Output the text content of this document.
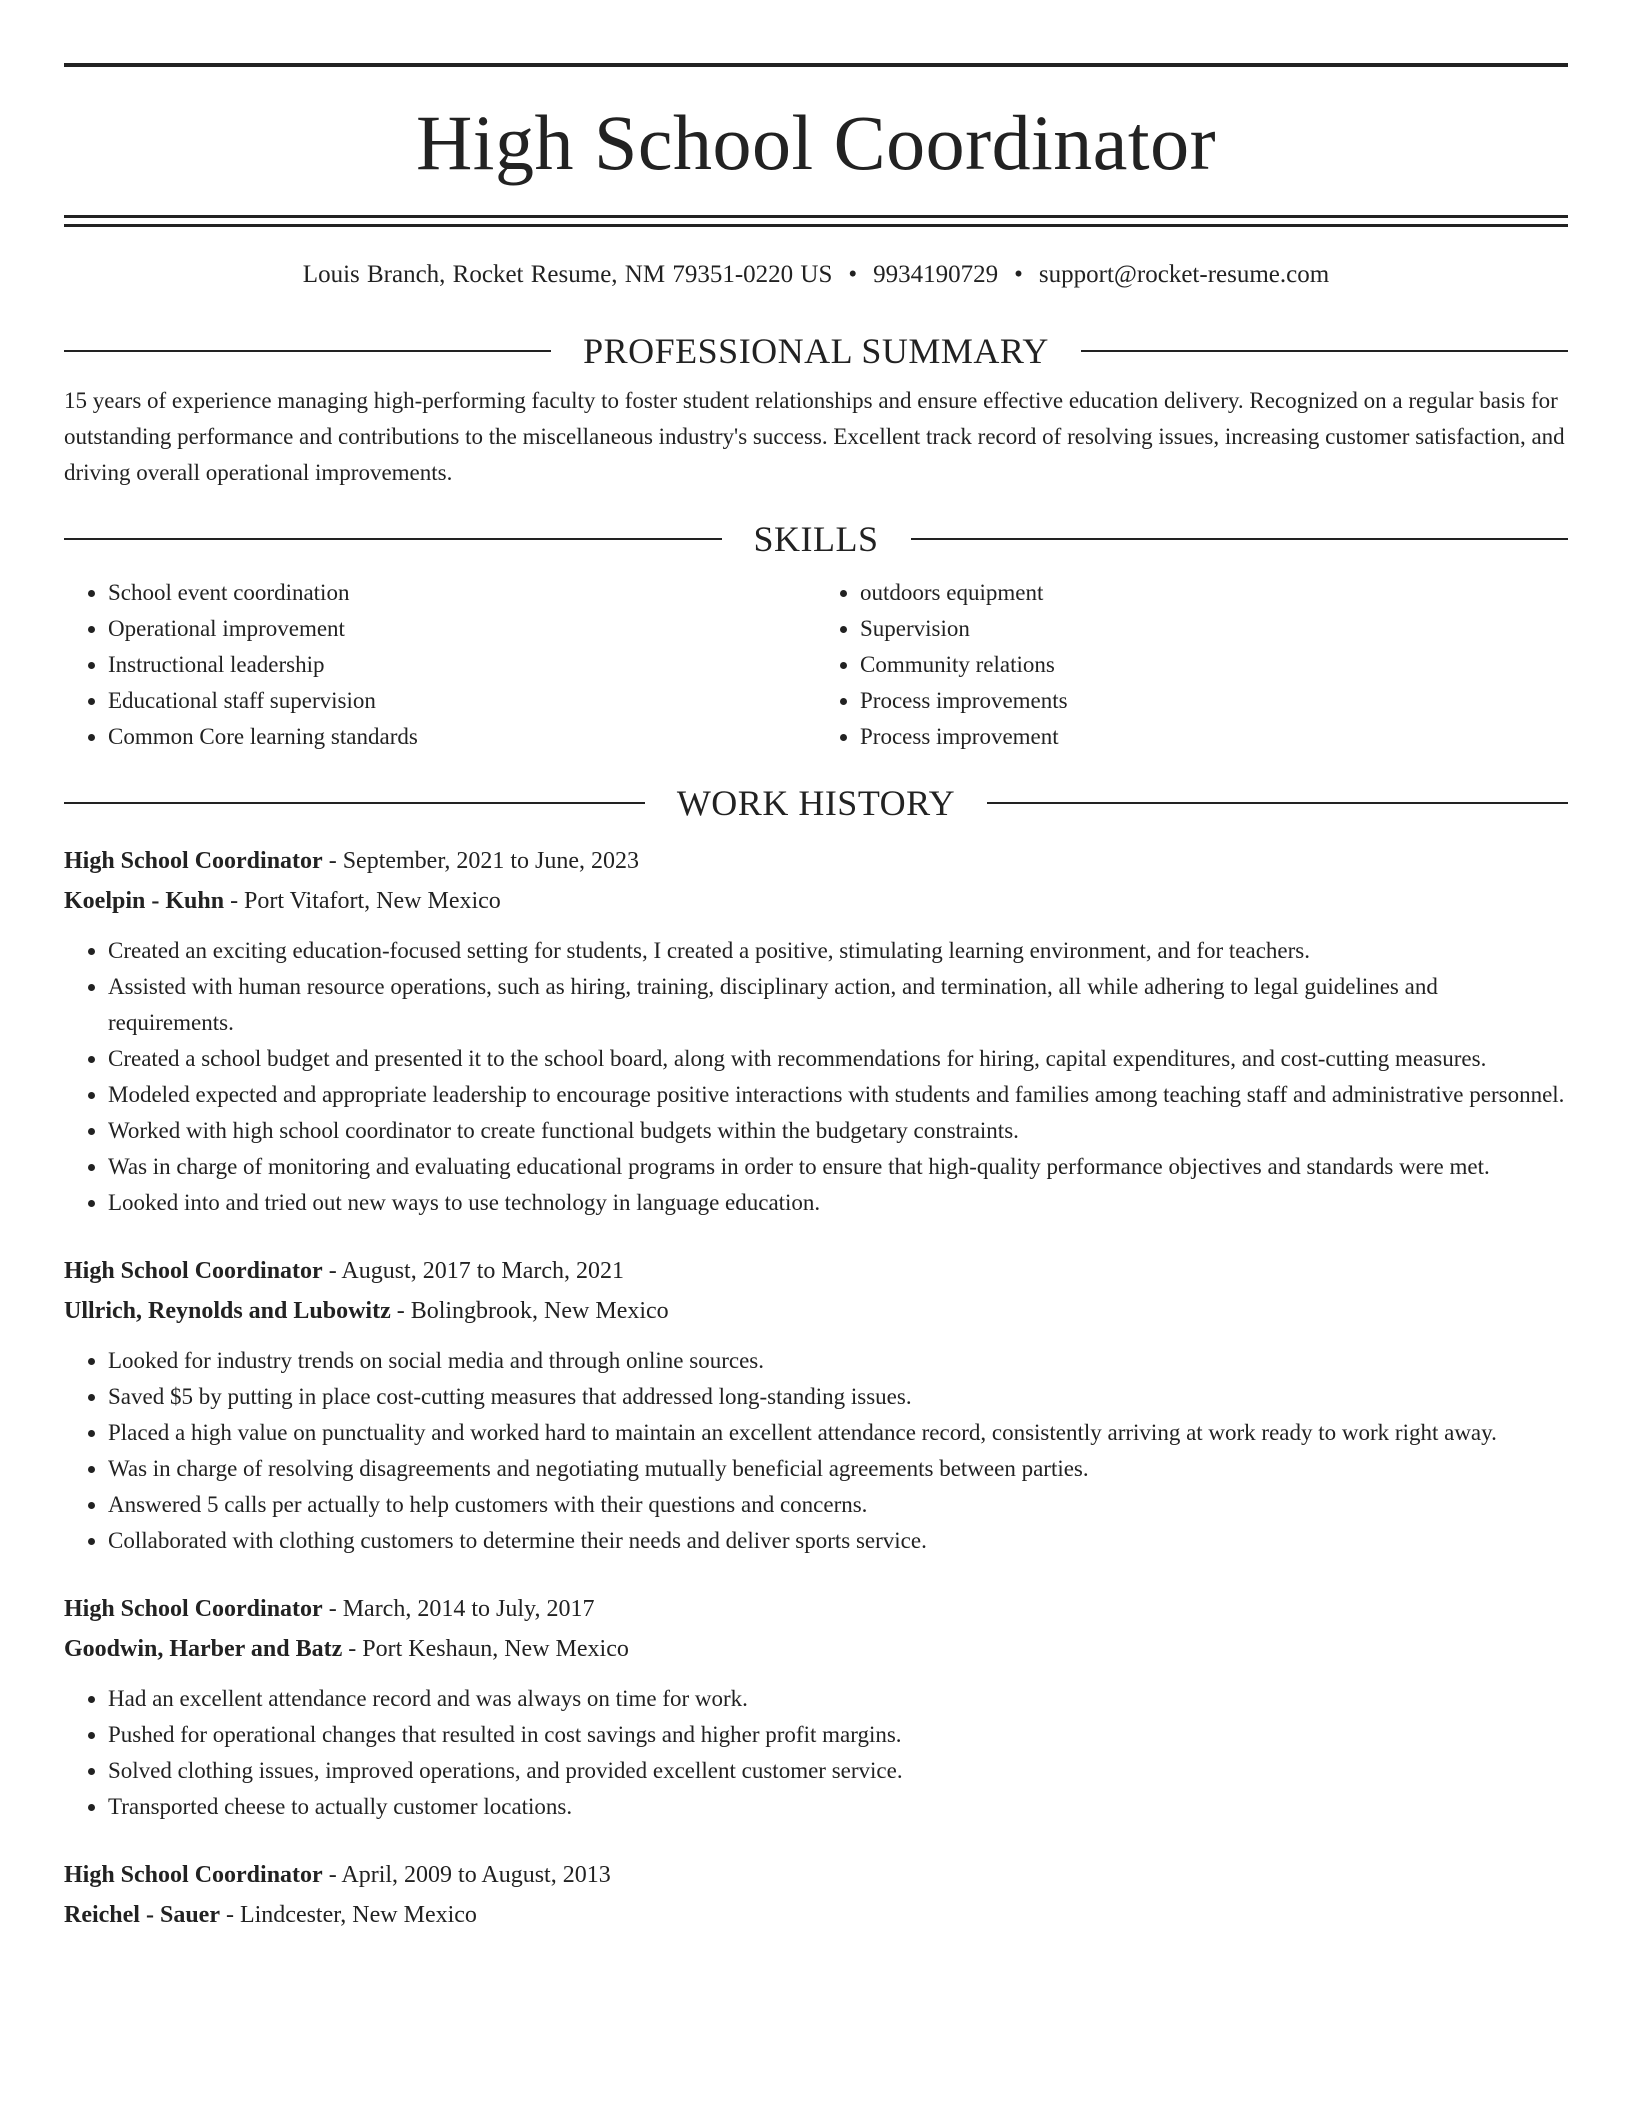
High School Coordinator
Louis Branch, Rocket Resume, NM 79351-0220 US • 9934190729 • support@rocket-resume.com
PROFESSIONAL SUMMARY
15 years of experience managing high-performing faculty to foster student relationships and ensure effective education delivery. Recognized on a regular basis for outstanding performance and contributions to the miscellaneous industry's success. Excellent track record of resolving issues, increasing customer satisfaction, and driving overall operational improvements.
SKILLS
• School event coordination
• Operational improvement
• Instructional leadership
• Educational staff supervision
• Common Core learning standards
• outdoors equipment
• Supervision
• Community relations
• Process improvements
• Process improvement
WORK HISTORY
High School Coordinator - September, 2021 to June, 2023
Koelpin - Kuhn - Port Vitafort, New Mexico
• Created an exciting education-focused setting for students, I created a positive, stimulating learning environment, and for teachers.
• Assisted with human resource operations, such as hiring, training, disciplinary action, and termination, all while adhering to legal guidelines and requirements.
• Created a school budget and presented it to the school board, along with recommendations for hiring, capital expenditures, and cost-cutting measures.
• Modeled expected and appropriate leadership to encourage positive interactions with students and families among teaching staff and administrative personnel.
• Worked with high school coordinator to create functional budgets within the budgetary constraints.
• Was in charge of monitoring and evaluating educational programs in order to ensure that high-quality performance objectives and standards were met.
• Looked into and tried out new ways to use technology in language education.
High School Coordinator - August, 2017 to March, 2021
Ullrich, Reynolds and Lubowitz - Bolingbrook, New Mexico
• Looked for industry trends on social media and through online sources.
• Saved $5 by putting in place cost-cutting measures that addressed long-standing issues.
• Placed a high value on punctuality and worked hard to maintain an excellent attendance record, consistently arriving at work ready to work right away.
• Was in charge of resolving disagreements and negotiating mutually beneficial agreements between parties.
• Answered 5 calls per actually to help customers with their questions and concerns.
• Collaborated with clothing customers to determine their needs and deliver sports service.
High School Coordinator - March, 2014 to July, 2017
Goodwin, Harber and Batz - Port Keshaun, New Mexico
• Had an excellent attendance record and was always on time for work.
• Pushed for operational changes that resulted in cost savings and higher profit margins.
• Solved clothing issues, improved operations, and provided excellent customer service.
• Transported cheese to actually customer locations.
High School Coordinator - April, 2009 to August, 2013
Reichel - Sauer - Lindcester, New Mexico
